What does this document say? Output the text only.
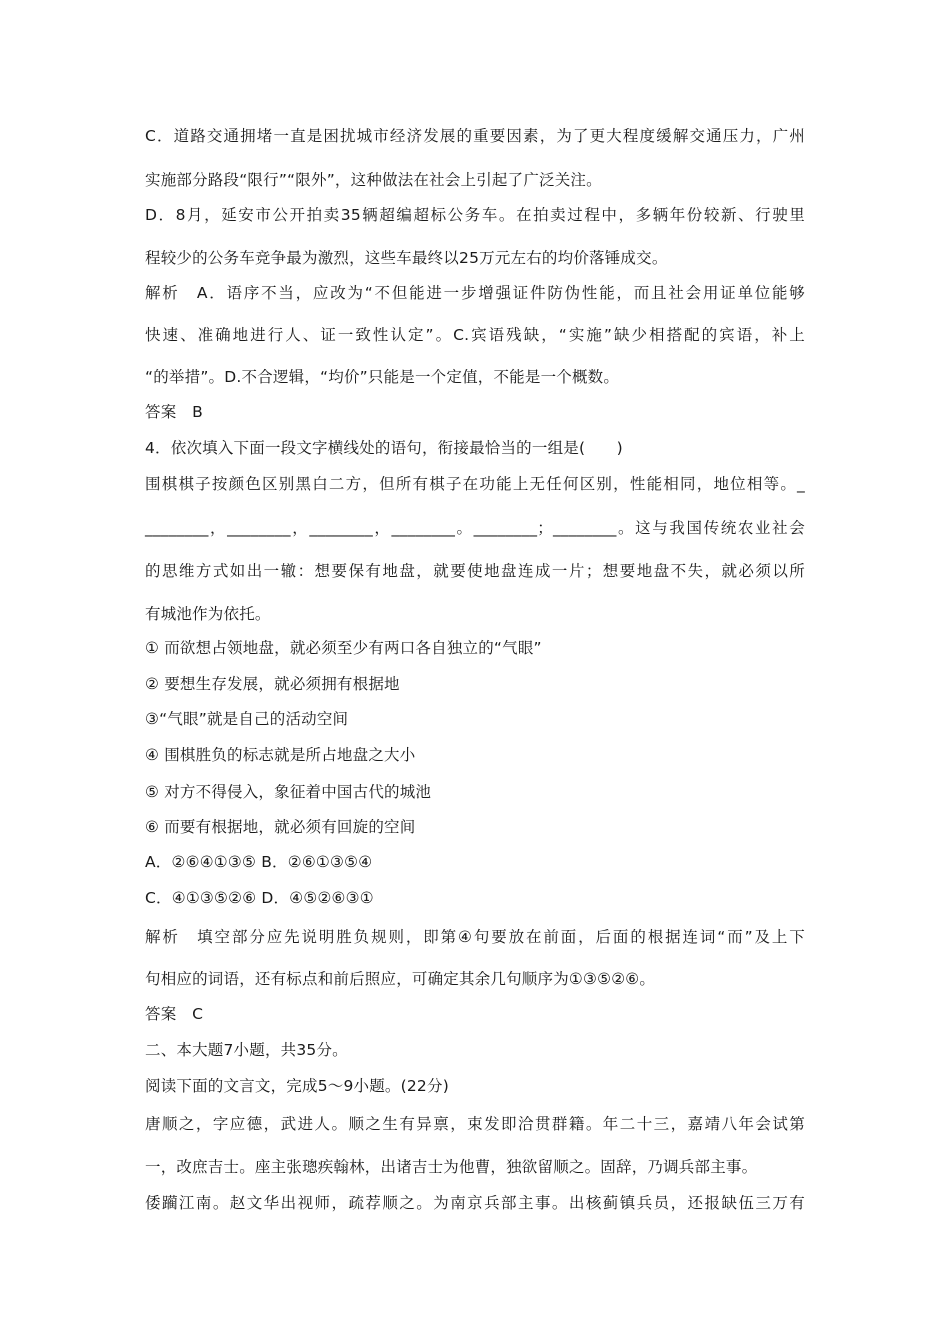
C．道路交通拥堵一直是困扰城市经济发展的重要因素，为了更大程度缓解交通压力，广州
实施部分路段“限行”“限外”，这种做法在社会上引起了广泛关注。
D．8月，延安市公开拍卖35辆超编超标公务车。在拍卖过程中，多辆年份较新、行驶里
程较少的公务车竞争最为激烈，这些车最终以25万元左右的均价落锤成交。
解析　A．语序不当，应改为“不但能进一步增强证件防伪性能，而且社会用证单位能够
快速、准确地进行人、证一致性认定”。C.宾语残缺，“实施”缺少相搭配的宾语，补上
“的举措”。D.不合逻辑，“均价”只能是一个定值，不能是一个概数。
答案　B
4．依次填入下面一段文字横线处的语句，衔接最恰当的一组是(　　)
围棋棋子按颜色区别黑白二方，但所有棋子在功能上无任何区别，性能相同，地位相等。_
________，________，________，________。________；________。这与我国传统农业社会
的思维方式如出一辙：想要保有地盘，就要使地盘连成一片；想要地盘不失，就必须以所
有城池作为依托。
① 而欲想占领地盘，就必须至少有两口各自独立的“气眼”
② 要想生存发展，就必须拥有根据地
③“气眼”就是自己的活动空间
④ 围棋胜负的标志就是所占地盘之大小
⑤ 对方不得侵入，象征着中国古代的城池
⑥ 而要有根据地，就必须有回旋的空间
A．②⑥④①③⑤ B．②⑥①③⑤④
C．④①③⑤②⑥ D．④⑤②⑥③①
解析　填空部分应先说明胜负规则，即第④句要放在前面，后面的根据连词“而”及上下
句相应的词语，还有标点和前后照应，可确定其余几句顺序为①③⑤②⑥。
答案　C
二、本大题7小题，共35分。
阅读下面的文言文，完成5～9小题。(22分)
唐顺之，字应德，武进人。顺之生有异禀，束发即洽贯群籍。年二十三，嘉靖八年会试第
一，改庶吉士。座主张璁疾翰林，出诸吉士为他曹，独欲留顺之。固辞，乃调兵部主事。
倭躏江南。赵文华出视师，疏荐顺之。为南京兵部主事。出核蓟镇兵员，还报缺伍三万有
